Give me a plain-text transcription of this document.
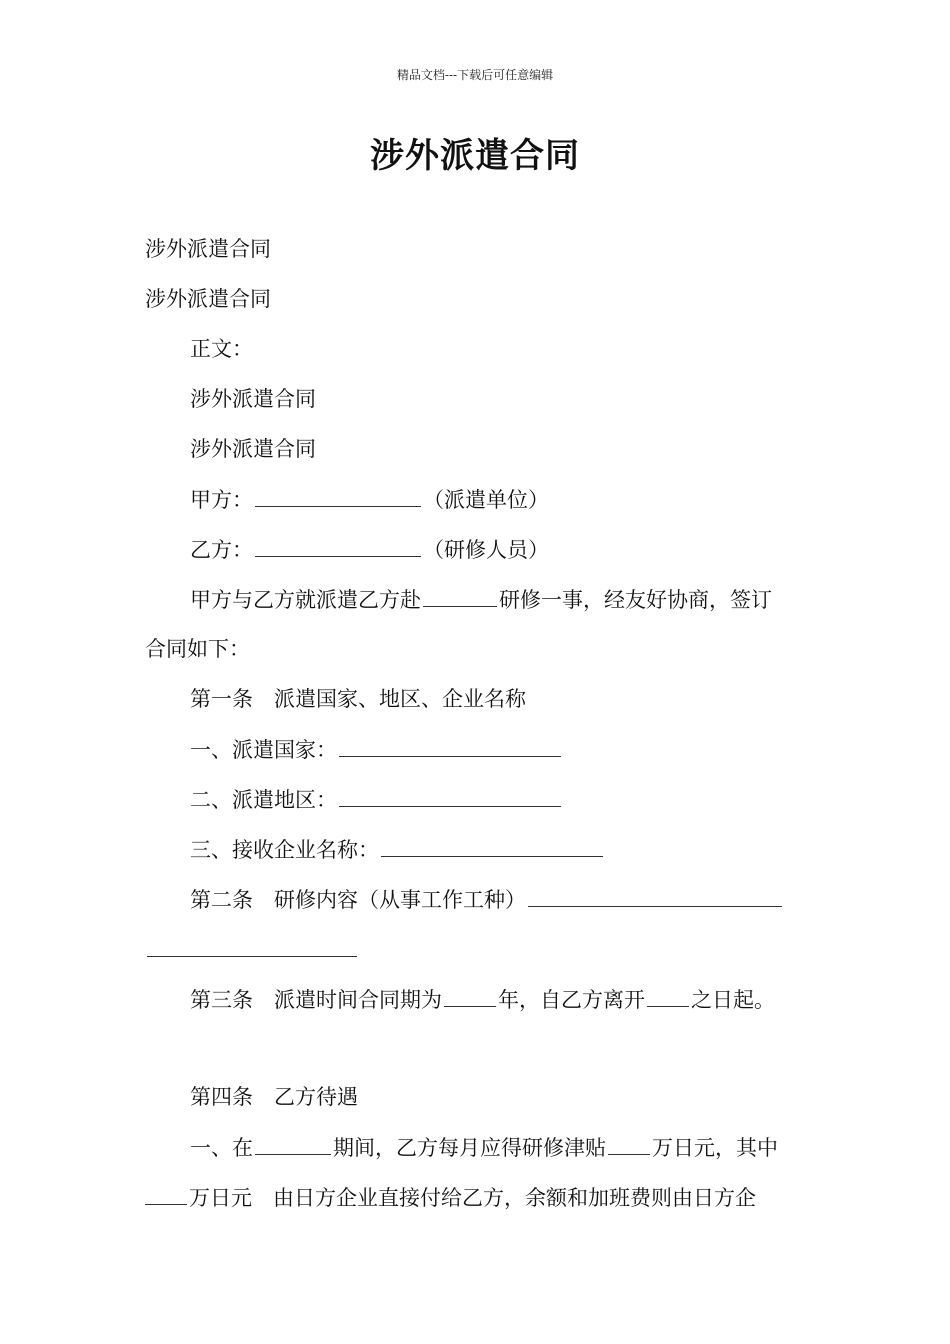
精品文档---下载后可任意编辑
涉外派遣合同
涉外派遣合同
涉外派遣合同
正文：
涉外派遣合同
涉外派遣合同
甲方：	（派遣单位）
乙方：	（研修人员）
甲方与乙方就派遣乙方赴	研修一事，经友好协商，签订
合同如下：
第一条　派遣国家、地区、企业名称
一、派遣国家：
二、派遣地区：
三、接收企业名称：
第二条　研修内容（从事工作工种）
第三条　派遣时间合同期为	年，自乙方离开 之日起。
第四条　乙方待遇
一、在	期间，乙方每月应得研修津贴 万日元，其中
万日元　由日方企业直接付给乙方，余额和加班费则由日方企
